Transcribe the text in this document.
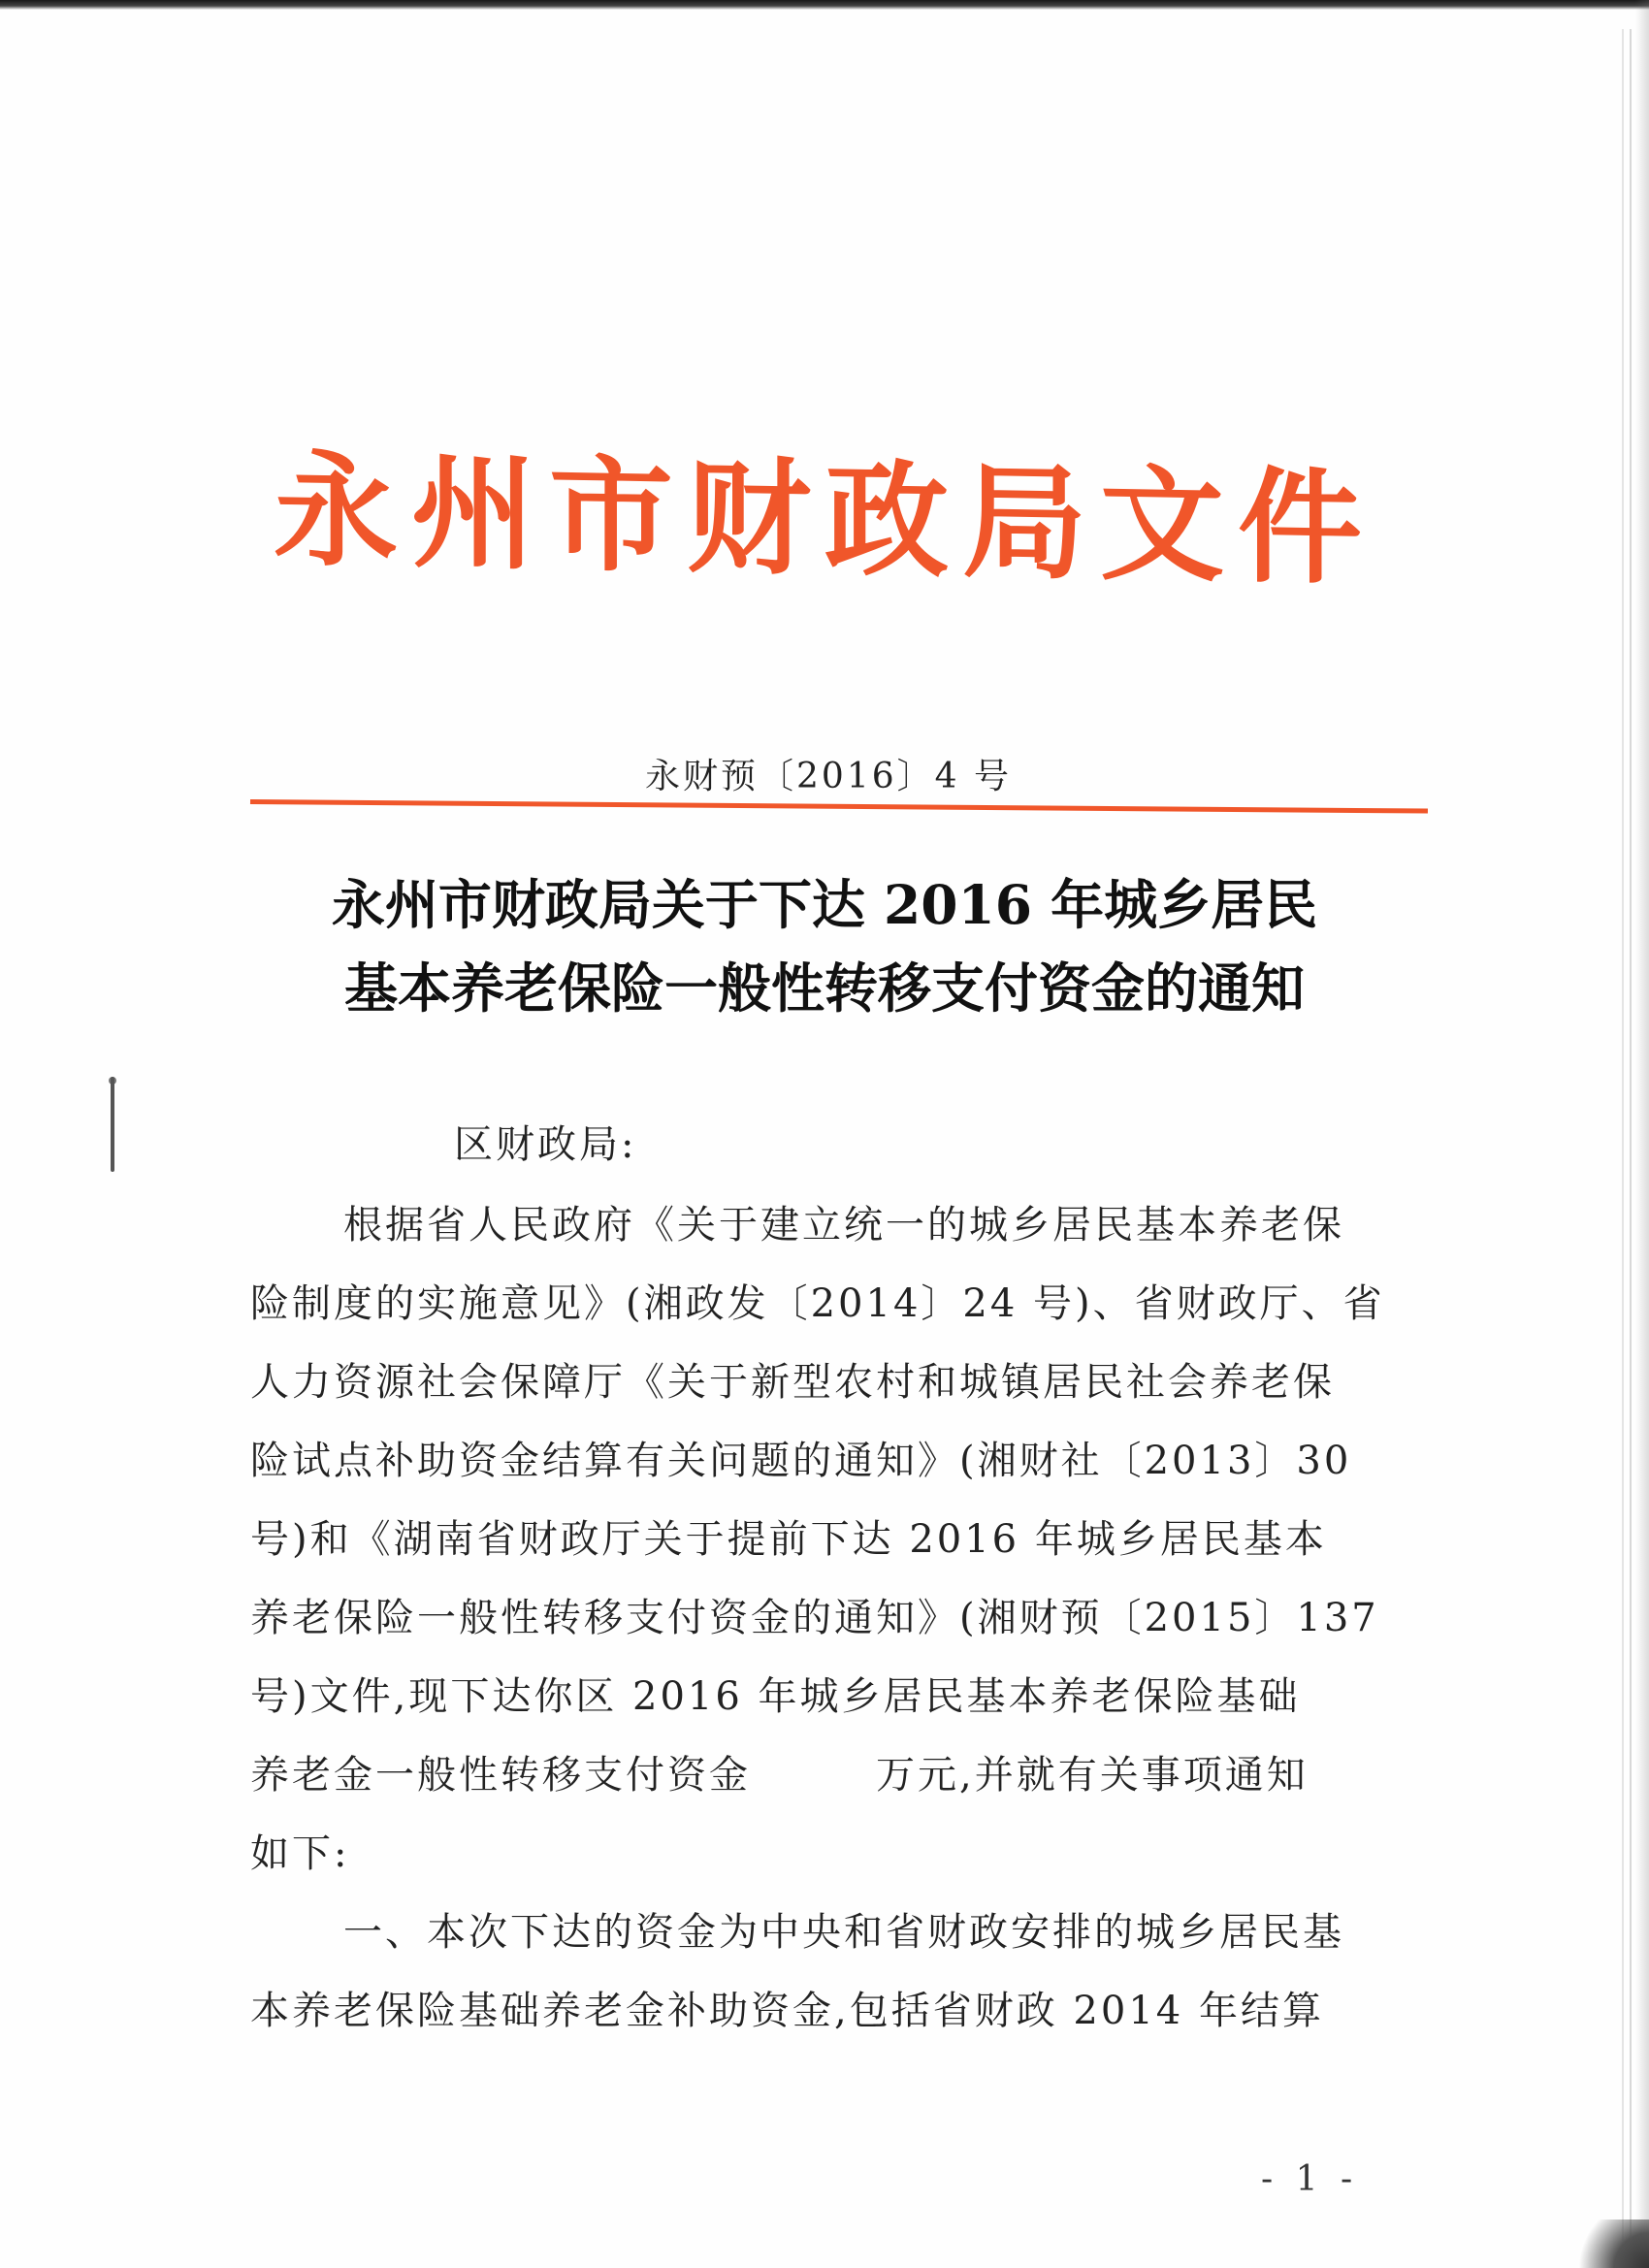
永州市财政局文件
永财预〔2016〕4 号
永州市财政局关于下达 2016 年城乡居民
基本养老保险一般性转移支付资金的通知
区财政局:
根据省人民政府《关于建立统一的城乡居民基本养老保
险制度的实施意见》(湘政发〔2014〕24 号)、省财政厅、省
人力资源社会保障厅《关于新型农村和城镇居民社会养老保
险试点补助资金结算有关问题的通知》(湘财社〔2013〕30
号)和《湖南省财政厅关于提前下达 2016 年城乡居民基本
养老保险一般性转移支付资金的通知》(湘财预〔2015〕137
号)文件,现下达你区 2016 年城乡居民基本养老保险基础
养老金一般性转移支付资金　　　万元,并就有关事项通知
如下:
一、本次下达的资金为中央和省财政安排的城乡居民基
本养老保险基础养老金补助资金,包括省财政 2014 年结算
- 1 -
